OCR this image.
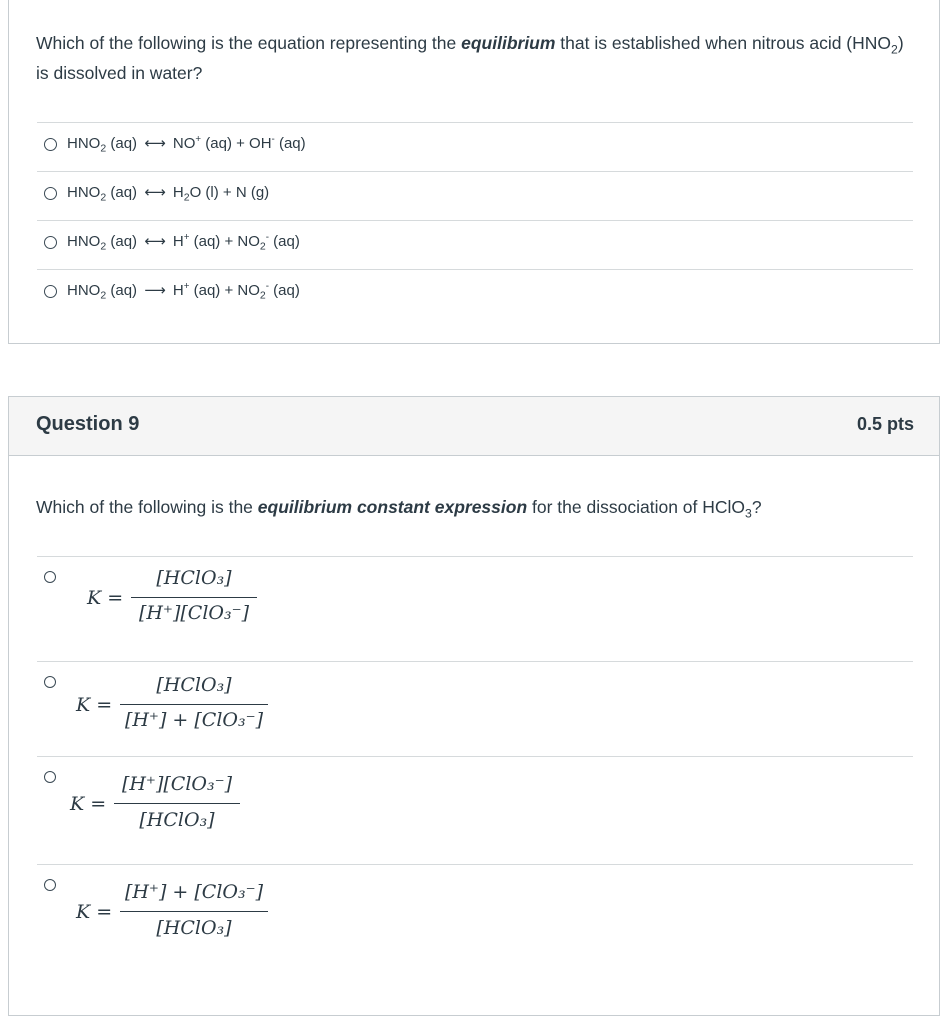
Which of the following is the equation representing the equilibrium that is established when nitrous acid $(HNO_2)$ is dissolved in water?
$HNO_2$ (aq) ⟷ NO+ (aq) + OH- (aq)
$HNO_2$ (aq) ⟷ $H_2O$ (l) + N (g)
$HNO_2$ (aq) ⟷ H+ $(aq) + NO_2^-$ (aq)
$HNO_2$ (aq) ⟶ H+ $(aq) + NO_2^-$ (aq)
Question 9	0.5 pts
Which of the following is the equilibrium constant expression for the dissociation of HClO$_3$?
K =
[HClO₃]
[H⁺][ClO₃⁻]
K =
[HClO₃]
[H⁺] + [ClO₃⁻]
K =
[H⁺][ClO₃⁻]
[HClO₃]
K =
[H⁺] + [ClO₃⁻]
[HClO₃]
